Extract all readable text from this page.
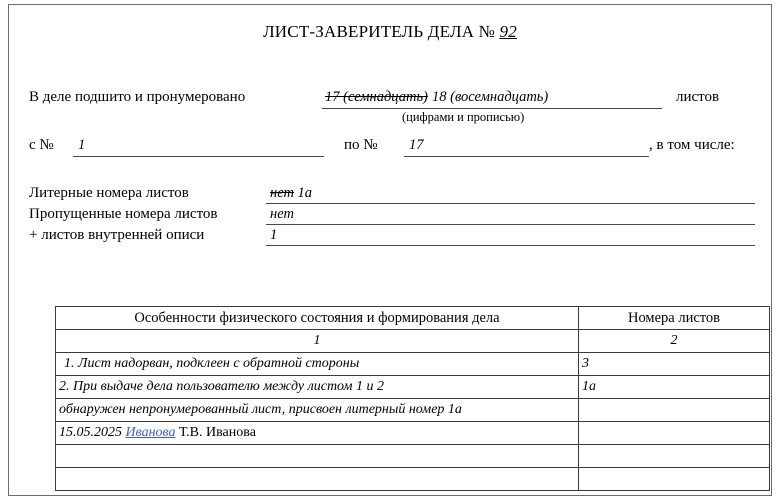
ЛИСТ-ЗАВЕРИТЕЛЬ ДЕЛА № 92
В деле подшито и пронумеровано	17 (семнадцать) 18 (восемнадцать)	листов
(цифрами и прописью)
с № 1	по № 17	, в том числе:
Литерные номера листов	нет 1а
Пропущенные номера листов	нет
+ листов внутренней описи	1
Особенности физического состояния и формирования дела	Номера листов
1	2
1. Лист надорван, подклеен с обратной стороны	3
2. При выдаче дела пользователю между листом 1 и 2	1а
обнаружен непронумерованный лист, присвоен литерный номер 1а	
15.05.2025 Иванова Т.В. Иванова	
